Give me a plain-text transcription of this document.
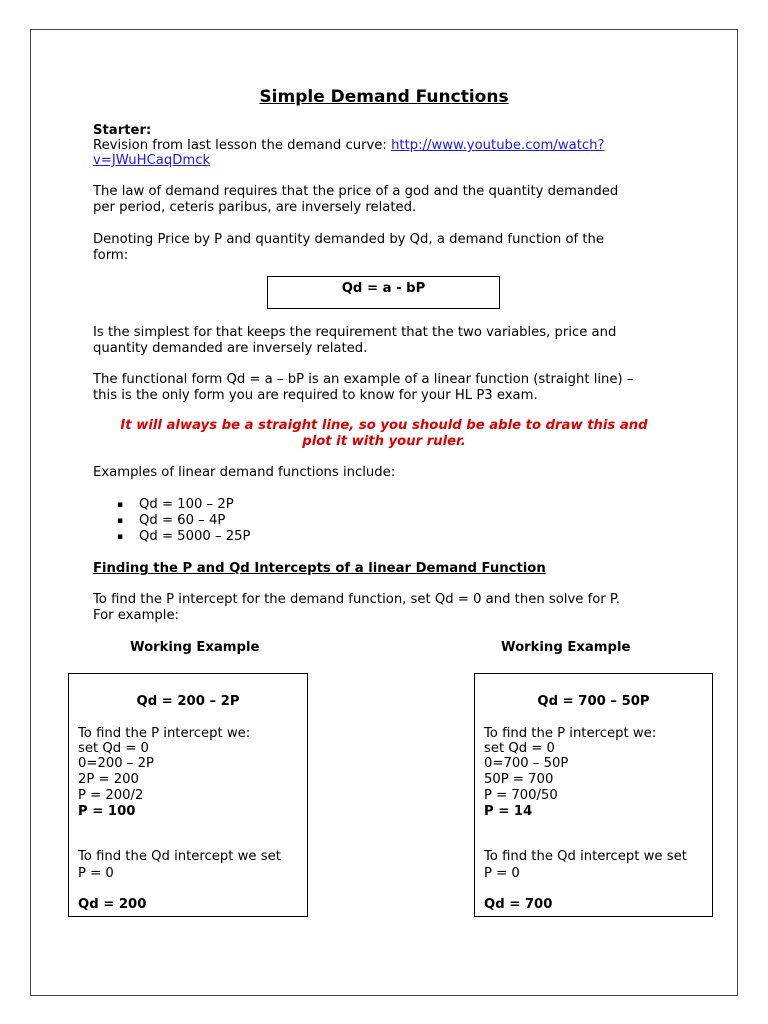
Simple Demand Functions
Starter:
Revision from last lesson the demand curve: http://www.youtube.com/watch?
v=JWuHCaqDmck
The law of demand requires that the price of a god and the quantity demanded
per period, ceteris paribus, are inversely related.
Denoting Price by P and quantity demanded by Qd, a demand function of the
form:
Qd = a - bP
Is the simplest for that keeps the requirement that the two variables, price and
quantity demanded are inversely related.
The functional form Qd = a – bP is an example of a linear function (straight line) –
this is the only form you are required to know for your HL P3 exam.
It will always be a straight line, so you should be able to draw this and
plot it with your ruler.
Examples of linear demand functions include:
▪ Qd = 100 – 2P
▪ Qd = 60 – 4P
▪ Qd = 5000 – 25P
Finding the P and Qd Intercepts of a linear Demand Function
To find the P intercept for the demand function, set Qd = 0 and then solve for P.
For example:
Working Example	Working Example
Qd = 200 – 2P
To find the P intercept we:
set Qd = 0
0=200 – 2P
2P = 200
P = 200/2
P = 100
To find the Qd intercept we set
P = 0
Qd = 200
Qd = 700 – 50P
To find the P intercept we:
set Qd = 0
0=700 – 50P
50P = 700
P = 700/50
P = 14
To find the Qd intercept we set
P = 0
Qd = 700
